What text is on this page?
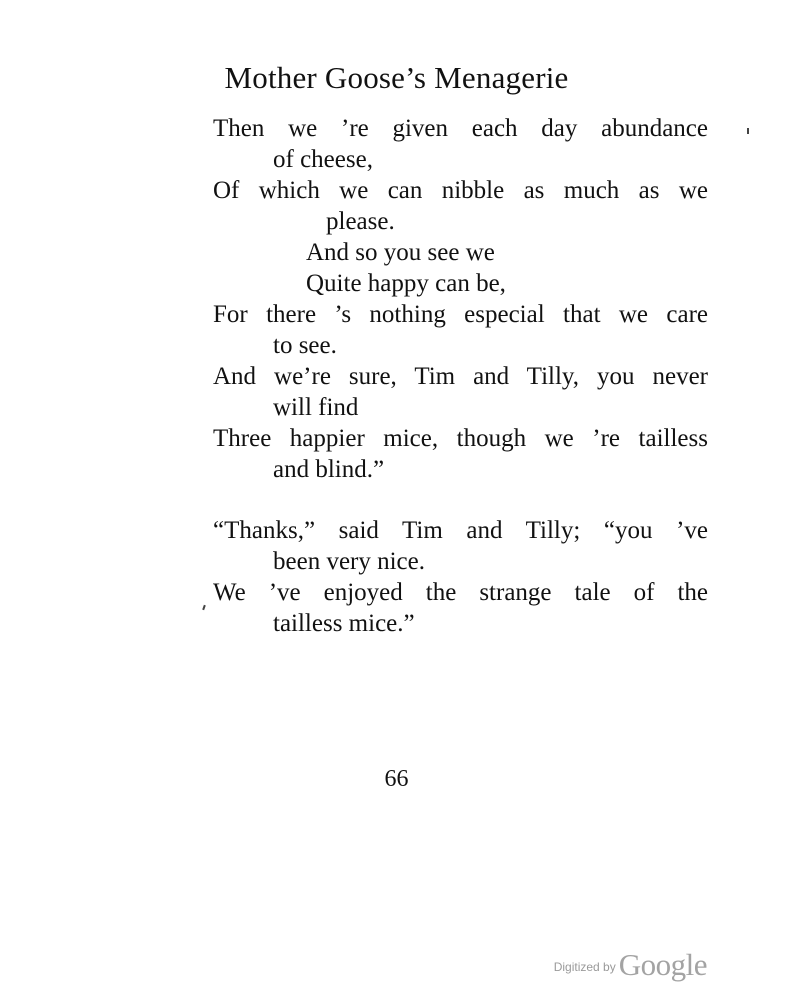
Mother Goose’s Menagerie
Then we ’re given each day abundance
of cheese,
Of which we can nibble as much as we
please.
And so you see we
Quite happy can be,
For there ’s nothing especial that we care
to see.
And we’re sure, Tim and Tilly, you never
will find
Three happier mice, though we ’re tailless
and blind.”
“Thanks,” said Tim and Tilly; “you ’ve
been very nice.
We ’ve enjoyed the strange tale of the
tailless mice.”
66
$^{Digitized by}$Google
